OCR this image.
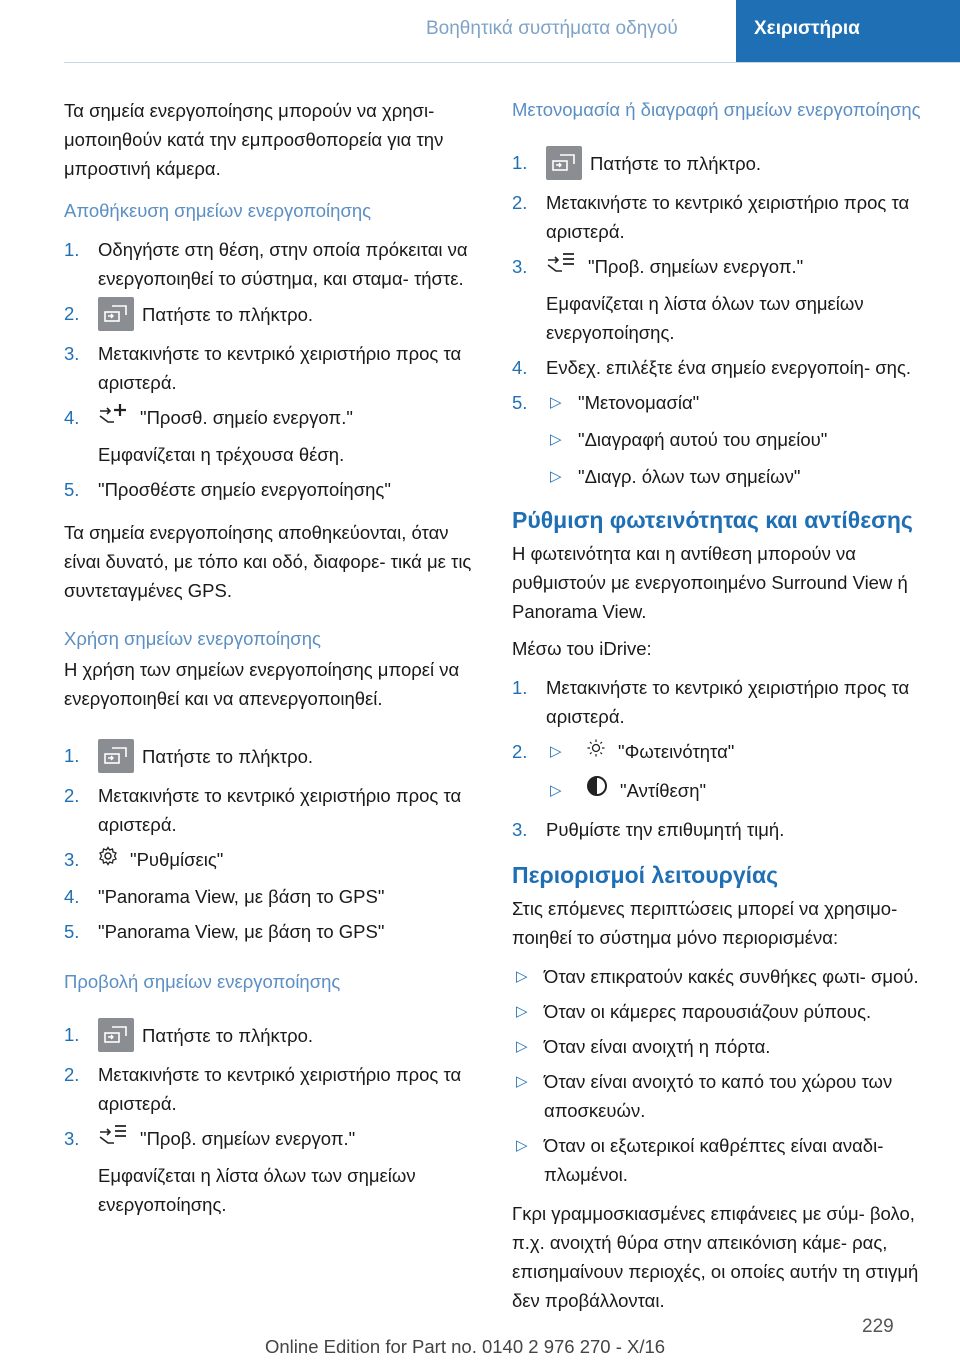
Βοηθητικά συστήματα οδηγού	Χειριστήρια

Τα σημεία ενεργοποίησης μπορούν να χρησι‐ μοποιηθούν κατά την εμπροσθοπορεία για την μπροστινή κάμερα.

Αποθήκευση σημείων ενεργοποίησης
1. Οδηγήστε στη θέση, στην οποία πρόκειται να ενεργοποιηθεί το σύστημα, και σταμα‐ τήστε.
2.	Πατήστε το πλήκτρο.
3. Μετακινήστε το κεντρικό χειριστήριο προς τα αριστερά.
4.	"Προσθ. σημείο ενεργοπ."
Εμφανίζεται η τρέχουσα θέση.
5. "Προσθέστε σημείο ενεργοποίησης"

Τα σημεία ενεργοποίησης αποθηκεύονται, όταν είναι δυνατό, με τόπο και οδό, διαφορε‐ τικά με τις συντεταγμένες GPS.

Χρήση σημείων ενεργοποίησης

Η χρήση των σημείων ενεργοποίησης μπορεί να ενεργοποιηθεί και να απενεργοποιηθεί.

1.	Πατήστε το πλήκτρο.
2. Μετακινήστε το κεντρικό χειριστήριο προς τα αριστερά.
3.	"Ρυθμίσεις"
4. "Panorama View, με βάση το GPS"
5. "Panorama View, με βάση το GPS"
Προβολή σημείων ενεργοποίησης
1.	Πατήστε το πλήκτρο.
2. Μετακινήστε το κεντρικό χειριστήριο προς τα αριστερά.
3.	"Προβ. σημείων ενεργοπ."
Εμφανίζεται η λίστα όλων των σημείων ενεργοποίησης.
Μετονομασία ή διαγραφή σημείων ενεργοποίησης
1.	Πατήστε το πλήκτρο.
2. Μετακινήστε το κεντρικό χειριστήριο προς τα αριστερά.
3.	"Προβ. σημείων ενεργοπ."
Εμφανίζεται η λίστα όλων των σημείων ενεργοποίησης.
4. Ενδεχ. επιλέξτε ένα σημείο ενεργοποίη‐ σης.
5. ▷ "Μετονομασία"
▷ "Διαγραφή αυτού του σημείου"
▷ "Διαγρ. όλων των σημείων"
Ρύθμιση φωτεινότητας και αντίθεσης

Η φωτεινότητα και η αντίθεση μπορούν να ρυθμιστούν με ενεργοποιημένο Surround View ή Panorama View.

Μέσω του iDrive:

1. Μετακινήστε το κεντρικό χειριστήριο προς τα αριστερά.
2. ▷	"Φωτεινότητα"
▷	"Αντίθεση"
3. Ρυθμίστε την επιθυμητή τιμή.
Περιορισμοί λειτουργίας

Στις επόμενες περιπτώσεις μπορεί να χρησιμο‐ ποιηθεί το σύστημα μόνο περιορισμένα:

▷ Όταν επικρατούν κακές συνθήκες φωτι‐ σμού.
▷ Όταν οι κάμερες παρουσιάζουν ρύπους.
▷ Όταν είναι ανοιχτή η πόρτα.
▷ Όταν είναι ανοιχτό το καπό του χώρου των αποσκευών.
▷ Όταν οι εξωτερικοί καθρέπτες είναι αναδι‐ πλωμένοι.

Γκρι γραμμοσκιασμένες επιφάνειες με σύμ‐ βολο, π.χ. ανοιχτή θύρα στην απεικόνιση κάμε‐ ρας, επισημαίνουν περιοχές, οι οποίες αυτήν τη στιγμή δεν προβάλλονται.

229
Online Edition for Part no. 0140 2 976 270 - X/16
